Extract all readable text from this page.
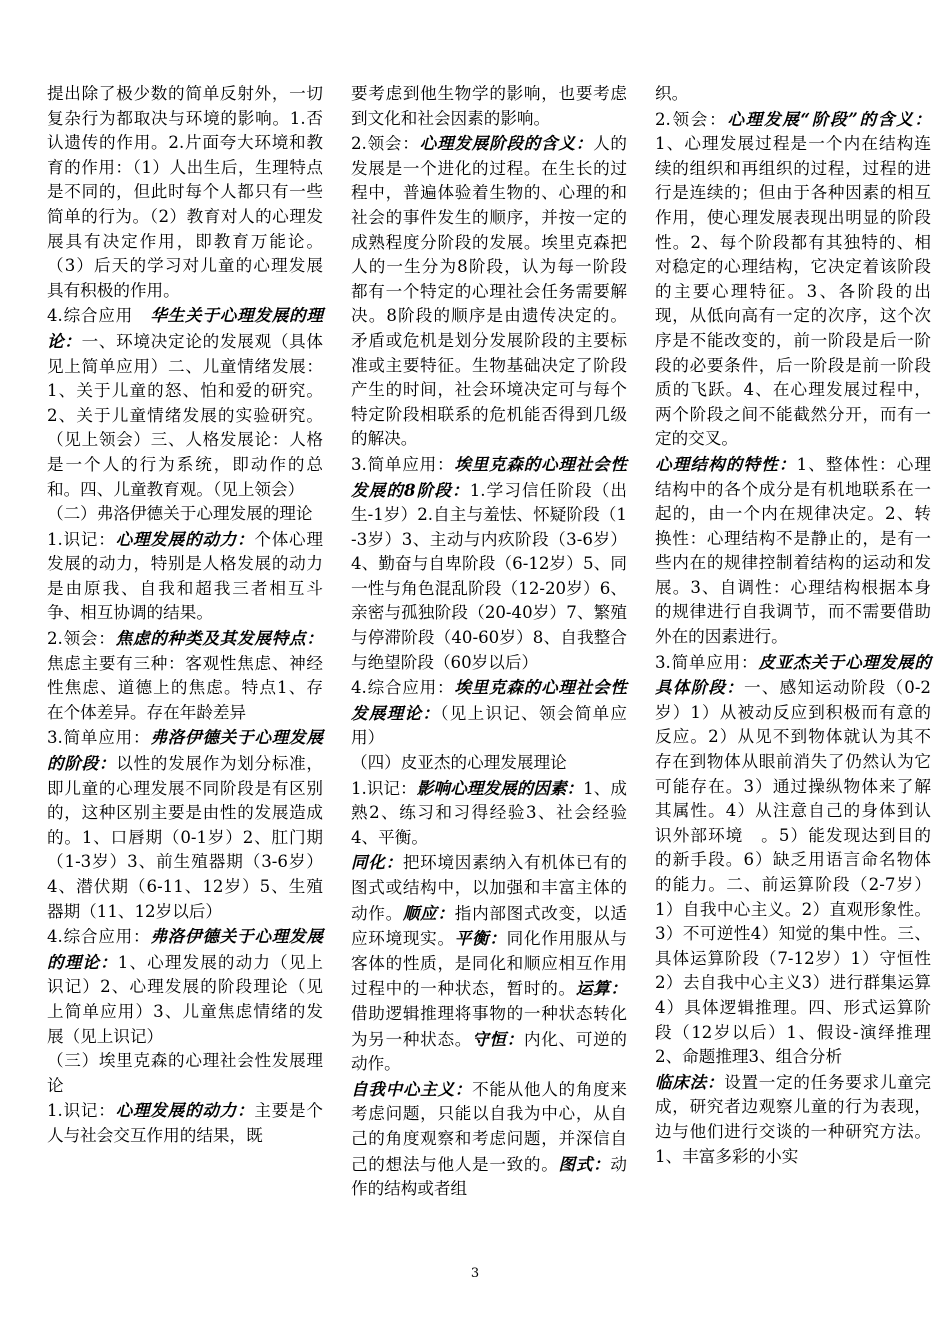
提出除了极少数的简单反射外，一切复杂行为都取决与环境的影响。1.否认遗传的作用。2.片面夸大环境和教育的作用：（1）人出生后，生理特点是不同的，但此时每个人都只有一些简单的行为。（2）教育对人的心理发展具有决定作用，即教育万能论。（3）后天的学习对儿童的心理发展具有积极的作用。

4.综合应用　华生关于心理发展的理论：一、环境决定论的发展观（具体见上简单应用）二、儿童情绪发展：1、关于儿童的怒、怕和爱的研究。2、关于儿童情绪发展的实验研究。（见上领会）三、人格发展论：人格是一个人的行为系统，即动作的总和。四、儿童教育观。（见上领会）

（二）弗洛伊德关于心理发展的理论

1.识记：心理发展的动力：个体心理发展的动力，特别是人格发展的动力是由原我、自我和超我三者相互斗争、相互协调的结果。

2.领会：焦虑的种类及其发展特点：焦虑主要有三种：客观性焦虑、神经性焦虑、道德上的焦虑。特点1、存在个体差异。存在年龄差异

3.简单应用：弗洛伊德关于心理发展的阶段：以性的发展作为划分标准，即儿童的心理发展不同阶段是有区别的，这种区别主要是由性的发展造成的。1、口唇期（0-1岁）2、肛门期（1-3岁）3、前生殖器期（3-6岁）4、潜伏期（6-11、12岁）5、生殖器期（11、12岁以后）

4.综合应用：弗洛伊德关于心理发展的理论：1、心理发展的动力（见上识记）2、心理发展的阶段理论（见上简单应用）3、儿童焦虑情绪的发展（见上识记）

（三）埃里克森的心理社会性发展理论

1.识记：心理发展的动力：主要是个人与社会交互作用的结果，既

要考虑到他生物学的影响，也要考虑到文化和社会因素的影响。

2.领会：心理发展阶段的含义：人的发展是一个进化的过程。在生长的过程中，普遍体验着生物的、心理的和社会的事件发生的顺序，并按一定的成熟程度分阶段的发展。埃里克森把人的一生分为8阶段，认为每一阶段都有一个特定的心理社会任务需要解决。8阶段的顺序是由遗传决定的。矛盾或危机是划分发展阶段的主要标准或主要特征。生物基础决定了阶段产生的时间，社会环境决定可与每个特定阶段相联系的危机能否得到几级的解决。

3.简单应用：埃里克森的心理社会性发展的8阶段：1.学习信任阶段（出生-1岁）2.自主与羞怯、怀疑阶段（1-3岁）3、主动与内疚阶段（3-6岁）4、勤奋与自卑阶段（6-12岁）5、同一性与角色混乱阶段（12-20岁）6、亲密与孤独阶段（20-40岁）7、繁殖与停滞阶段（40-60岁）8、自我整合与绝望阶段（60岁以后）

4.综合应用：埃里克森的心理社会性发展理论：（见上识记、领会简单应用）

（四）皮亚杰的心理发展理论

1.识记：影响心理发展的因素：1、成熟2、练习和习得经验3、社会经验4、平衡。

同化：把环境因素纳入有机体已有的图式或结构中，以加强和丰富主体的动作。顺应：指内部图式改变，以适应环境现实。平衡：同化作用服从与客体的性质，是同化和顺应相互作用过程中的一种状态，暂时的。运算：借助逻辑推理将事物的一种状态转化为另一种状态。守恒：内化、可逆的动作。

自我中心主义：不能从他人的角度来考虑问题，只能以自我为中心，从自己的角度观察和考虑问题，并深信自己的想法与他人是一致的。图式：动作的结构或者组

织。

2.领会：心理发展“阶段”的含义：1、心理发展过程是一个内在结构连续的组织和再组织的过程，过程的进行是连续的；但由于各种因素的相互作用，使心理发展表现出明显的阶段性。2、每个阶段都有其独特的、相对稳定的心理结构，它决定着该阶段的主要心理特征。3、各阶段的出现，从低向高有一定的次序，这个次序是不能改变的，前一阶段是后一阶段的必要条件，后一阶段是前一阶段质的飞跃。4、在心理发展过程中，两个阶段之间不能截然分开，而有一定的交叉。

心理结构的特性：1、整体性：心理结构中的各个成分是有机地联系在一起的，由一个内在规律决定。2、转换性：心理结构不是静止的，是有一些内在的规律控制着结构的运动和发展。3、自调性：心理结构根据本身的规律进行自我调节，而不需要借助外在的因素进行。

3.简单应用：皮亚杰关于心理发展的具体阶段：一、感知运动阶段（0-2岁）1）从被动反应到积极而有意的反应。2）从见不到物体就认为其不存在到物体从眼前消失了仍然认为它可能存在。3）通过操纵物体来了解其属性。4）从注意自己的身体到认识外部环境　。5）能发现达到目的的新手段。6）缺乏用语言命名物体的能力。二、前运算阶段（2-7岁）1）自我中心主义。2）直观形象性。3）不可逆性4）知觉的集中性。三、具体运算阶段（7-12岁）1）守恒性2）去自我中心主义3）进行群集运算　4）具体逻辑推理。四、形式运算阶段（12岁以后）1、假设-演绎推理2、命题推理3、组合分析

临床法：设置一定的任务要求儿童完成，研究者边观察儿童的行为表现，边与他们进行交谈的一种研究方法。1、丰富多彩的小实

3
